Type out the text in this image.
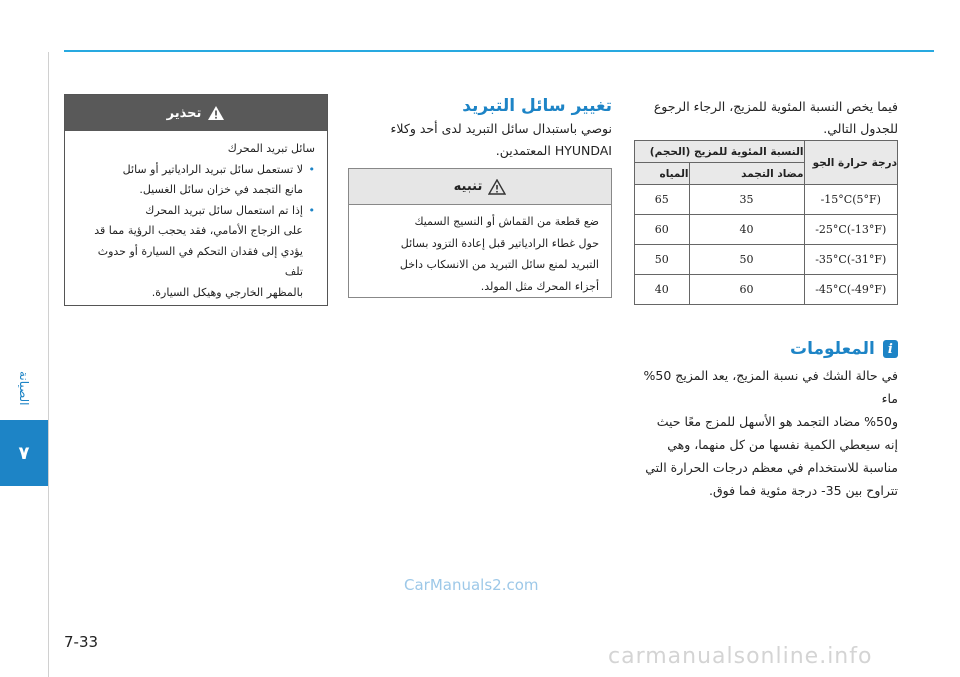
الصيانة
٧
فيما يخص النسبة المئوية للمزيج، الرجاء الرجوع للجدول التالي.
درجة حرارة الجو	النسبة المئوية للمزيج (الحجم)	
	مضاد التجمد	المياه
-15°C(5°F)	35	65
-25°C(-13°F)	40	60
-35°C(-31°F)	50	50
-45°C(-49°F)	60	40
المعلومات	i
في حالة الشك في نسبة المزيج، يعد المزيج 50% ماء
و50% مضاد التجمد هو الأسهل للمزج معًا حيث
إنه سيعطي الكمية نفسها من كل منهما، وهي
مناسبة للاستخدام في معظم درجات الحرارة التي
تتراوح بين 35- درجة مئوية فما فوق.
تغيير سائل التبريد
نوصي باستبدال سائل التبريد لدى أحد وكلاء
HYUNDAI المعتمدين.
تنبيه
ضع قطعة من القماش أو النسيج السميك
حول غطاء الرادياتير قبل إعادة التزود بسائل
التبريد لمنع سائل التبريد من الانسكاب داخل
أجزاء المحرك مثل المولد.
تحذير
سائل تبريد المحرك
• لا تستعمل سائل تبريد الرادياتير أو سائل
مانع التجمد في خزان سائل الغسيل.
• إذا تم استعمال سائل تبريد المحرك
على الزجاج الأمامي، فقد يحجب الرؤية مما قد
يؤدي إلى فقدان التحكم في السيارة أو حدوث تلف
بالمظهر الخارجي وهيكل السيارة.
CarManuals2.com
7-33
carmanualsonline.info
